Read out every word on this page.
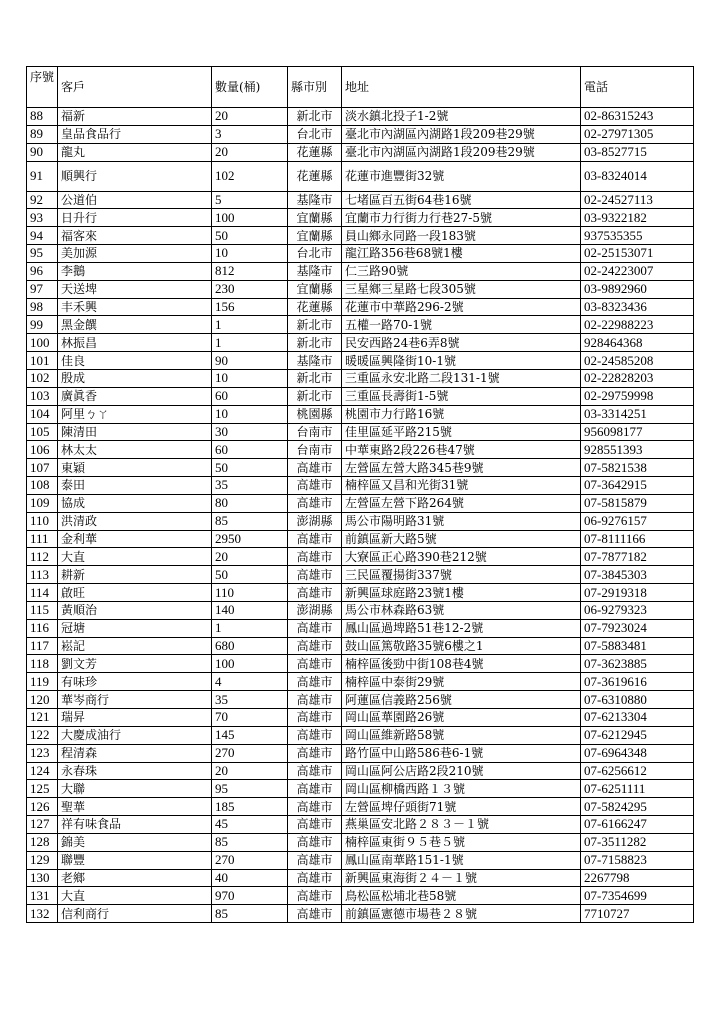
序號	客戶	數量(桶)	縣市別	地址	電話
88	福新	20	新北市	淡水鎮北投子1-2號	02-86315243
89	皇品食品行	3	台北市	臺北市內湖區內湖路1段209巷29號	02-27971305
90	龍丸	20	花蓮縣	臺北市內湖區內湖路1段209巷29號	03-8527715
91	順興行	102	花蓮縣	花蓮市進豐街32號	03-8324014
92	公道伯	5	基隆市	七堵區百五街64巷16號	02-24527113
93	日升行	100	宜蘭縣	宜蘭市力行街力行巷27-5號	03-9322182
94	福客來	50	宜蘭縣	員山鄉永同路一段183號	937535355
95	美加源	10	台北市	龍江路356巷68號1樓	02-25153071
96	李鵝	812	基隆市	仁三路90號	02-24223007
97	天送埤	230	宜蘭縣	三星鄉三星路七段305號	03-9892960
98	丰禾興	156	花蓮縣	花蓮市中華路296-2號	03-8323436
99	黑金饌	1	新北市	五權一路70-1號	02-22988223
100	林振昌	1	新北市	民安西路24巷6弄8號	928464368
101	佳良	90	基隆市	暖暖區興隆街10-1號	02-24585208
102	殷成	10	新北市	三重區永安北路二段131-1號	02-22828203
103	廣眞香	60	新北市	三重區長壽街1-5號	02-29759998
104	阿里ㄅㄚ	10	桃園縣	桃園市力行路16號	03-3314251
105	陳清田	30	台南市	佳里區延平路215號	956098177
106	林太太	60	台南市	中華東路2段226巷47號	928551393
107	東穎	50	高雄市	左營區左營大路345巷9號	07-5821538
108	泰田	35	高雄市	楠梓區又昌和光街31號	07-3642915
109	協成	80	高雄市	左營區左營下路264號	07-5815879
110	洪清政	85	澎湖縣	馬公市陽明路31號	06-9276157
111	金利華	2950	高雄市	前鎮區新大路5號	07-8111166
112	大直	20	高雄市	大寮區正心路390巷212號	07-7877182
113	耕新	50	高雄市	三民區覆揚街337號	07-3845303
114	啟旺	110	高雄市	新興區球庭路23號1樓	07-2919318
115	黃順治	140	澎湖縣	馬公市林森路63號	06-9279323
116	冠塘	1	高雄市	鳳山區過埤路51巷12-2號	07-7923024
117	崧記	680	高雄市	鼓山區篤敬路35號6樓之1	07-5883481
118	劉文芳	100	高雄市	楠梓區後勁中街108巷4號	07-3623885
119	有味珍	4	高雄市	楠梓區中泰街29號	07-3619616
120	華岑商行	35	高雄市	阿蓮區信義路256號	07-6310880
121	瑞昇	70	高雄市	岡山區華園路26號	07-6213304
122	大慶成油行	145	高雄市	岡山區維新路58號	07-6212945
123	程清森	270	高雄市	路竹區中山路586巷6-1號	07-6964348
124	永春珠	20	高雄市	岡山區阿公店路2段210號	07-6256612
125	大聯	95	高雄市	岡山區柳橋西路１３號	07-6251111
126	聖華	185	高雄市	左營區埤仔頭街71號	07-5824295
127	祥有味食品	45	高雄市	燕巢區安北路２８３－１號	07-6166247
128	錦美	85	高雄市	楠梓區東街９５巷５號	07-3511282
129	聯豐	270	高雄市	鳳山區南華路151-1號	07-7158823
130	老鄉	40	高雄市	新興區東海街２４－１號	2267798
131	大直	970	高雄市	鳥松區松埔北巷58號	07-7354699
132	信利商行	85	高雄市	前鎮區憲德市場巷２８號	7710727
